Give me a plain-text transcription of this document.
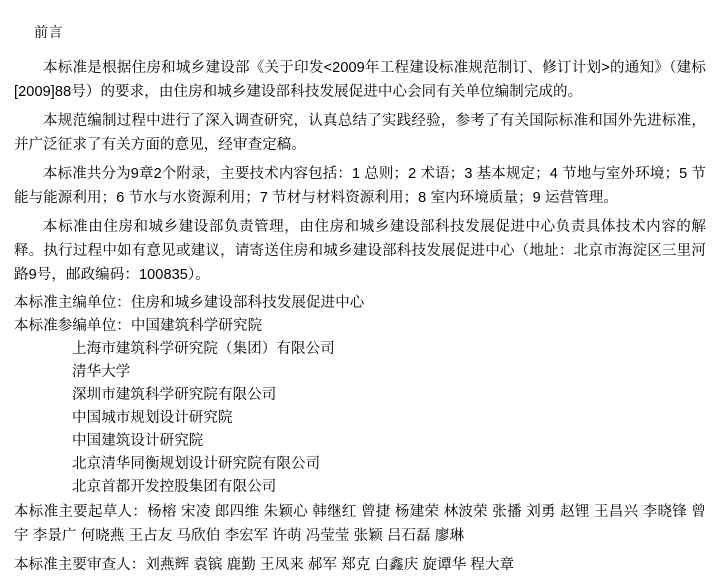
前言

本标准是根据住房和城乡建设部《关于印发<2009年工程建设标准规范制订、修订计划>的通知》（建标[2009]88号）的要求，由住房和城乡建设部科技发展促进中心会同有关单位编制完成的。

本规范编制过程中进行了深入调查研究，认真总结了实践经验，参考了有关国际标准和国外先进标准，并广泛征求了有关方面的意见，经审查定稿。

本标准共分为9章2个附录，主要技术内容包括：1 总则；2 术语；3 基本规定；4 节地与室外环境；5 节能与能源利用；6 节水与水资源利用；7 节材与材料资源利用；8 室内环境质量；9 运营管理。

本标准由住房和城乡建设部负责管理，由住房和城乡建设部科技发展促进中心负责具体技术内容的解释。执行过程中如有意见或建议，请寄送住房和城乡建设部科技发展促进中心（地址：北京市海淀区三里河路9号，邮政编码：100835）。

本标准主编单位：住房和城乡建设部科技发展促进中心

本标准参编单位：中国建筑科学研究院

上海市建筑科学研究院（集团）有限公司

清华大学

深圳市建筑科学研究院有限公司

中国城市规划设计研究院

中国建筑设计研究院

北京清华同衡规划设计研究院有限公司

北京首都开发控股集团有限公司

本标准主要起草人：杨榕 宋凌 郎四维 朱颖心 韩继红 曾捷 杨建荣 林波荣 张播 刘勇 赵锂 王昌兴 李晓锋 曾宇 李景广 何晓燕 王占友 马欣伯 李宏军 许萌 冯莹莹 张颖 吕石磊 廖琳

本标准主要审查人：刘燕辉 袁镔 鹿勤 王凤来 郝军 郑克 白鑫庆 旋谭华 程大章
